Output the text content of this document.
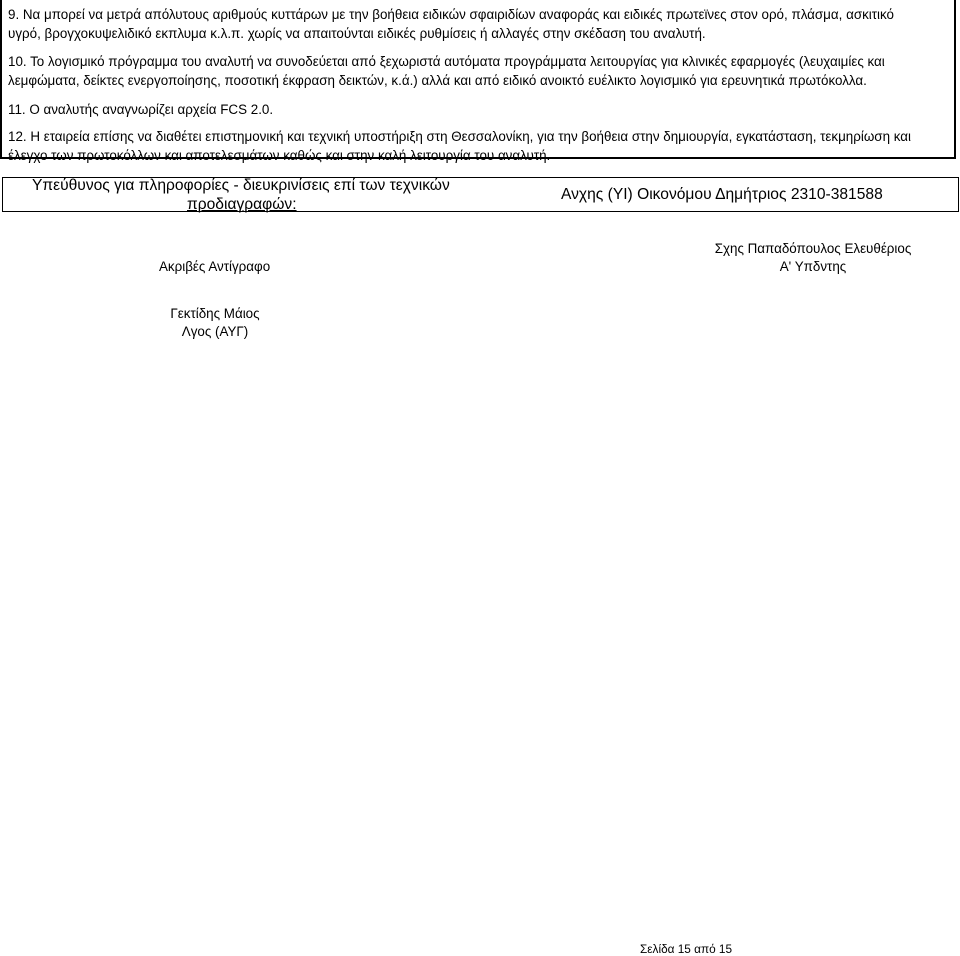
9. Να μπορεί να μετρά απόλυτους αριθμούς κυττάρων με την βοήθεια ειδικών σφαιριδίων αναφοράς και ειδικές πρωτεϊνες στον ορό, πλάσμα, ασκιτικό
υγρό, βρογχοκυψελιδικό εκπλυμα κ.λ.π. χωρίς να απαιτούνται ειδικές ρυθμίσεις ή αλλαγές στην σκέδαση του αναλυτή.

10. Το λογισμικό πρόγραμμα του αναλυτή να συνοδεύεται από ξεχωριστά αυτόματα προγράμματα λειτουργίας για κλινικές εφαρμογές (λευχαιμίες και
λεμφώματα, δείκτες ενεργοποίησης, ποσοτική έκφραση δεικτών, κ.ά.) αλλά και από ειδικό ανοικτό ευέλικτο λογισμικό για ερευνητικά πρωτόκολλα.

11. Ο αναλυτής αναγνωρίζει αρχεία FCS 2.0.

12. Η εταιρεία επίσης να διαθέτει επιστημονική και τεχνική υποστήριξη στη Θεσσαλονίκη, για την βοήθεια στην δημιουργία, εγκατάσταση, τεκμηρίωση και
έλεγχο των πρωτοκόλλων και αποτελεσμάτων καθώς και στην καλή λειτουργία του αναλυτή.

Υπεύθυνος για πληροφορίες - διευκρινίσεις επί των τεχνικών
προδιαγραφών:
Ανχης (ΥΙ) Οικονόμου Δημήτριος 2310-381588
Ακριβές Αντίγραφο
Σχης Παπαδόπουλος Ελευθέριος
Α' Υπδντης
Γεκτίδης Μάιος
Λγος (ΑΥΓ)
Σελίδα 15 από 15
